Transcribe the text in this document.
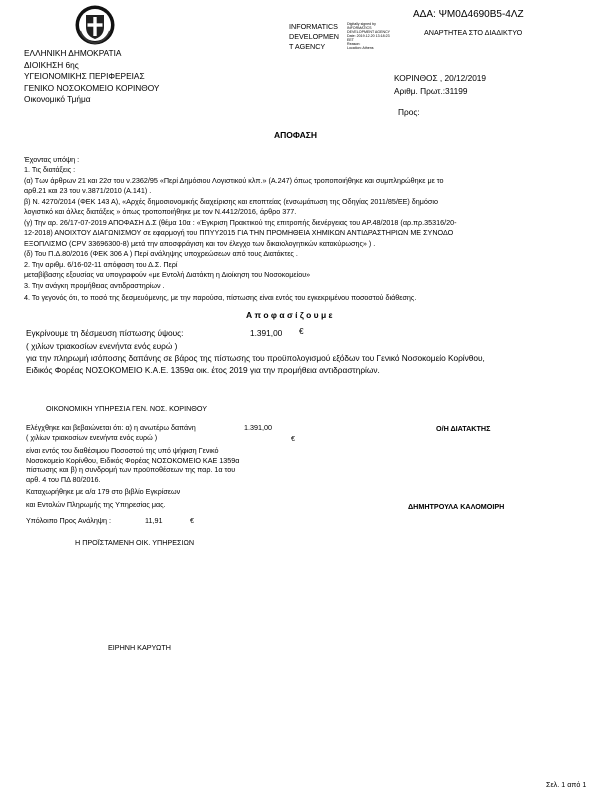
ΑΔΑ: ΨΜ0Δ4690Β5-4ΛΖ
ΑΝΑΡΤΗΤΕΑ ΣΤΟ ΔΙΑΔΙΚΤΥΟ
INFORMATICS
DEVELOPMEN
T AGENCY
Digitally signed by
INFORMATICS
DEVELOPMENT AGENCY
Date: 2019.12.20 13:18:23
EET
Reason:
Location: Athens
ΕΛΛΗΝΙΚΗ ΔΗΜΟΚΡΑΤΙΑ
ΔΙΟΙΚΗΣΗ 6ης
ΥΓΕΙΟΝΟΜΙΚΗΣ ΠΕΡΙΦΕΡΕΙΑΣ
ΓΕΝΙΚΟ ΝΟΣΟΚΟΜΕΙΟ ΚΟΡΙΝΘΟΥ
Οικονομικό Τμήμα
ΚΟΡΙΝΘΟΣ , 20/12/2019
Αριθμ. Πρωτ.:31199
Προς:
ΑΠΟΦΑΣΗ
Έχοντας υπόψη :
1. Τις διατάξεις :
(α) Των άρθρων 21 και 22σ του ν.2362/95 «Περί Δημόσιου Λογιστικού κλπ.» (Α.247) όπως τροποποιήθηκε και συμπληρώθηκε με το
αρθ.21 και 23 του ν.3871/2010 (Α.141) .
β) Ν. 4270/2014 (ΦΕΚ 143 Α), «Αρχές δημοσιονομικής διαχείρισης και εποπτείας (ενσωμάτωση της Οδηγίας 2011/85/ΕΕ) δημόσιο
λογιστικό και άλλες διατάξεις » όπως τροποποιήθηκε με τον Ν.4412/2016, άρθρο 377.
(γ) Την αρ. 26/17-07-2019 ΑΠΟΦΑΣΗ Δ.Σ (θέμα 10α : «Έγκριση Πρακτικού της επιτροπής διενέργειας του ΑΡ.48/2018 (αρ.πρ.35316/20-
12-2018) ΑΝΟΙΧΤΟΥ ΔΙΑΓΩΝΙΣΜΟΥ σε εφαρμογή του ΠΠΥΥ2015 ΓΙΑ ΤΗΝ ΠΡΟΜΗΘΕΙΑ ΧΗΜΙΚΩΝ ΑΝΤΙΔΡΑΣΤΗΡΙΩΝ ΜΕ ΣΥΝΟΔΟ
ΕΞΟΠΛΙΣΜΟ (CPV 33696300-8) μετά την αποσφράγιση και τον έλεγχο των δικαιολογητικών κατακύρωσης» ) .
(δ) Του Π.Δ.80/2016 (ΦΕΚ 306 Α ) Περί ανάληψης υποχρεώσεων από τους Διατάκτες .
2. Την αριθμ. 6/16-02-11 απόφαση του Δ.Σ. Περί
μεταβίβασης εξουσίας να υπογραφούν «με Εντολή Διατάκτη η Διοίκηση του Νοσοκομείου»
3. Την ανάγκη προμήθειας αντιδραστηρίων .
4. Το γεγονός ότι, το ποσό της δεσμευόμενης, με την παρούσα, πίστωσης είναι εντός του εγκεκριμένου ποσοστού διάθεσης.
Α π ο φ α σ ί ζ ο υ μ ε
Εγκρίνουμε τη δέσμευση πίστωσης ύψους:	1.391,00 €
( χιλίων τριακοσίων ενενήντα ενός ευρώ )
για την πληρωμή ισόποσης δαπάνης σε βάρος της πίστωσης του προϋπολογισμού εξόδων του Γενικό Νοσοκομείο Κορίνθου,
Ειδικός Φορέας ΝΟΣΟΚΟΜΕΙΟ Κ.Α.Ε. 1359α οικ. έτος 2019 για την προμήθεια αντιδραστηρίων.
ΟΙΚΟΝΟΜΙΚΗ ΥΠΗΡΕΣΙΑ ΓΕΝ. ΝΟΣ. ΚΟΡΙΝΘΟΥ
Ελέγχθηκε και βεβαιώνεται ότι: α) η ανωτέρω δαπάνη	1.391,00
( χιλίων τριακοσίων ενενήντα ενός ευρώ )	€
είναι εντός του διαθέσιμου Ποσοστού της υπό ψήφιση Γενικό
Νοσοκομείο Κορίνθου, Ειδικός Φορέας ΝΟΣΟΚΟΜΕΙΟ ΚΑΕ 1359α
πίστωσης και β) η συνδρομή των προϋποθέσεων της παρ. 1α του
αρθ. 4 του ΠΔ 80/2016.
Καταχωρήθηκε με α/α 179 στο βιβλίο Εγκρίσεων
και Εντολών Πληρωμής της Υπηρεσίας μας.
Υπόλοιπο Προς Ανάληψη :	11,91	€
Η ΠΡΟΪΣΤΑΜΕΝΗ ΟΙΚ. ΥΠΗΡΕΣΙΩΝ
ΕΙΡΗΝΗ ΚΑΡΥΩΤΗ
Ο/Η ΔΙΑΤΑΚΤΗΣ
ΔΗΜΗΤΡΟΥΛΑ ΚΑΛΟΜΟΙΡΗ
Σελ. 1 από 1
